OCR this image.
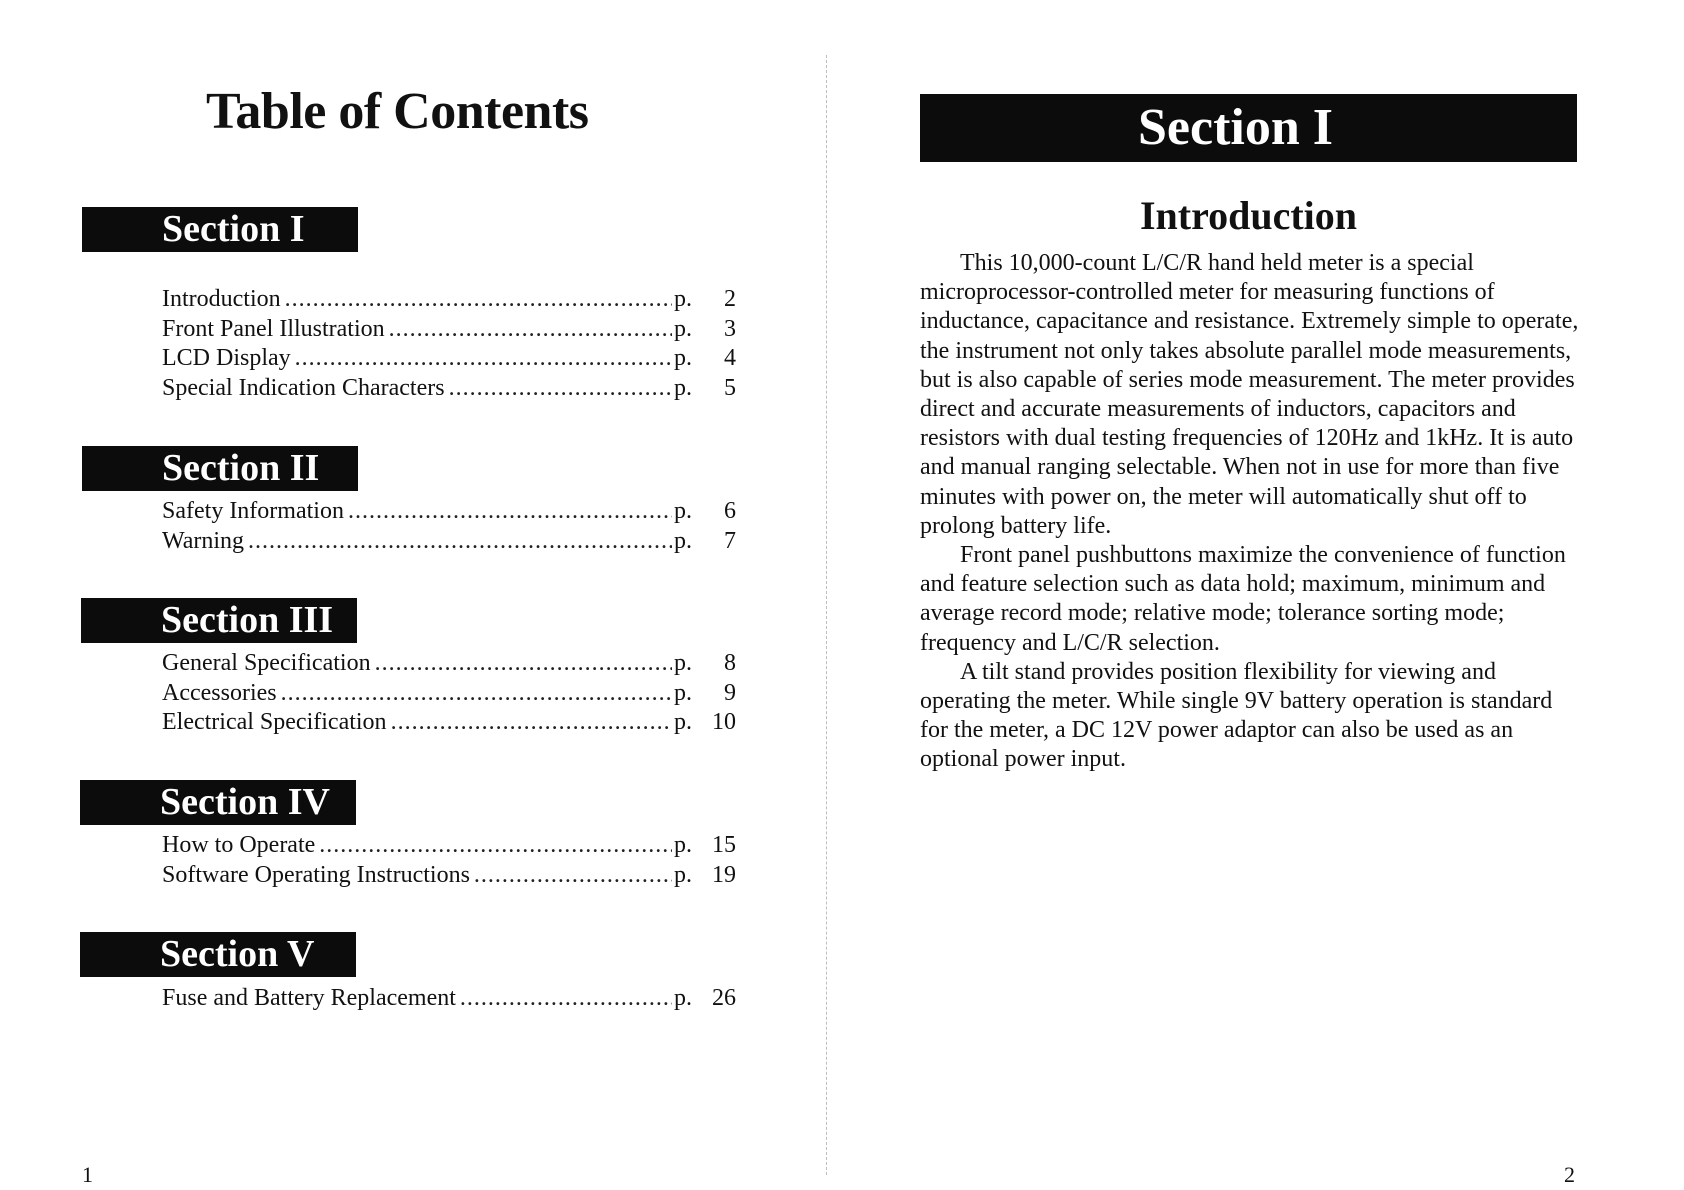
Table of Contents
Section I
Introduction .....	p.	2
Front Panel Illustration .....	p.	3
LCD Display .....	p.	4
Special Indication Characters .....	p.	5
Section II
Safety Information .....	p.	6
Warning .....	p.	7
Section III
General Specification .....	p.	8
Accessories .....	p.	9
Electrical Specification .....	p. 10
Section IV
How to Operate .....	p. 15
Software Operating Instructions .....	p. 19
Section V
Fuse and Battery Replacement .....	p. 26
1
Section I
Introduction

This 10,000-count L/C/R hand held meter is a special microprocessor-controlled meter for measuring functions of inductance, capacitance and resistance. Extremely simple to operate, the instrument not only takes absolute parallel mode measurements, but is also capable of series mode measurement. The meter provides direct and accurate measurements of inductors, capacitors and resistors with dual testing frequencies of 120Hz and 1kHz. It is auto and manual ranging selectable. When not in use for more than five minutes with power on, the meter will automatically shut off to prolong battery life.

Front panel pushbuttons maximize the convenience of function and feature selection such as data hold; maximum, minimum and average record mode; relative mode; tolerance sorting mode; frequency and L/C/R selection.

A tilt stand provides position flexibility for viewing and operating the meter. While single 9V battery operation is standard for the meter, a DC 12V power adaptor can also be used as an optional power input.

2
